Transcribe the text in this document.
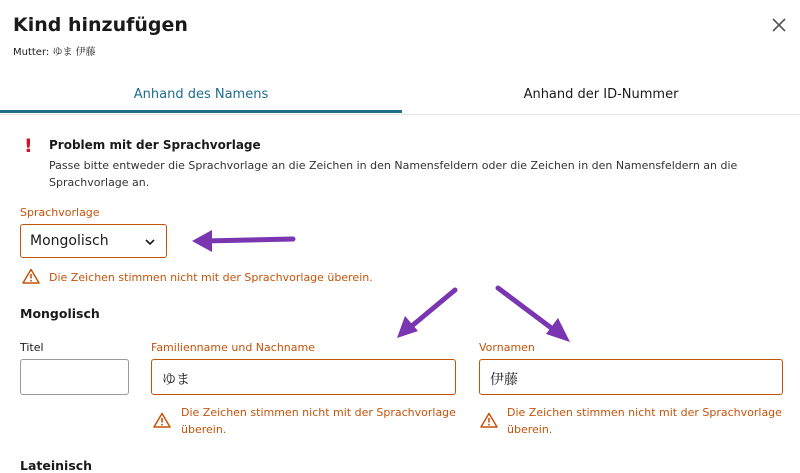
Kind hinzufügen
Mutter: ゆま 伊藤
Anhand des Namens	Anhand der ID-Nummer
! Problem mit der Sprachvorlage
Passe bitte entweder die Sprachvorlage an die Zeichen in den Namensfeldern oder die Zeichen in den Namensfeldern an die Sprachvorlage an.
Sprachvorlage
Mongolisch
Die Zeichen stimmen nicht mit der Sprachvorlage überein.
Mongolisch
Titel	Familienname und Nachname
ゆま
Die Zeichen stimmen nicht mit der Sprachvorlage überein.
Vornamen
伊藤
Die Zeichen stimmen nicht mit der Sprachvorlage überein.
Lateinisch
